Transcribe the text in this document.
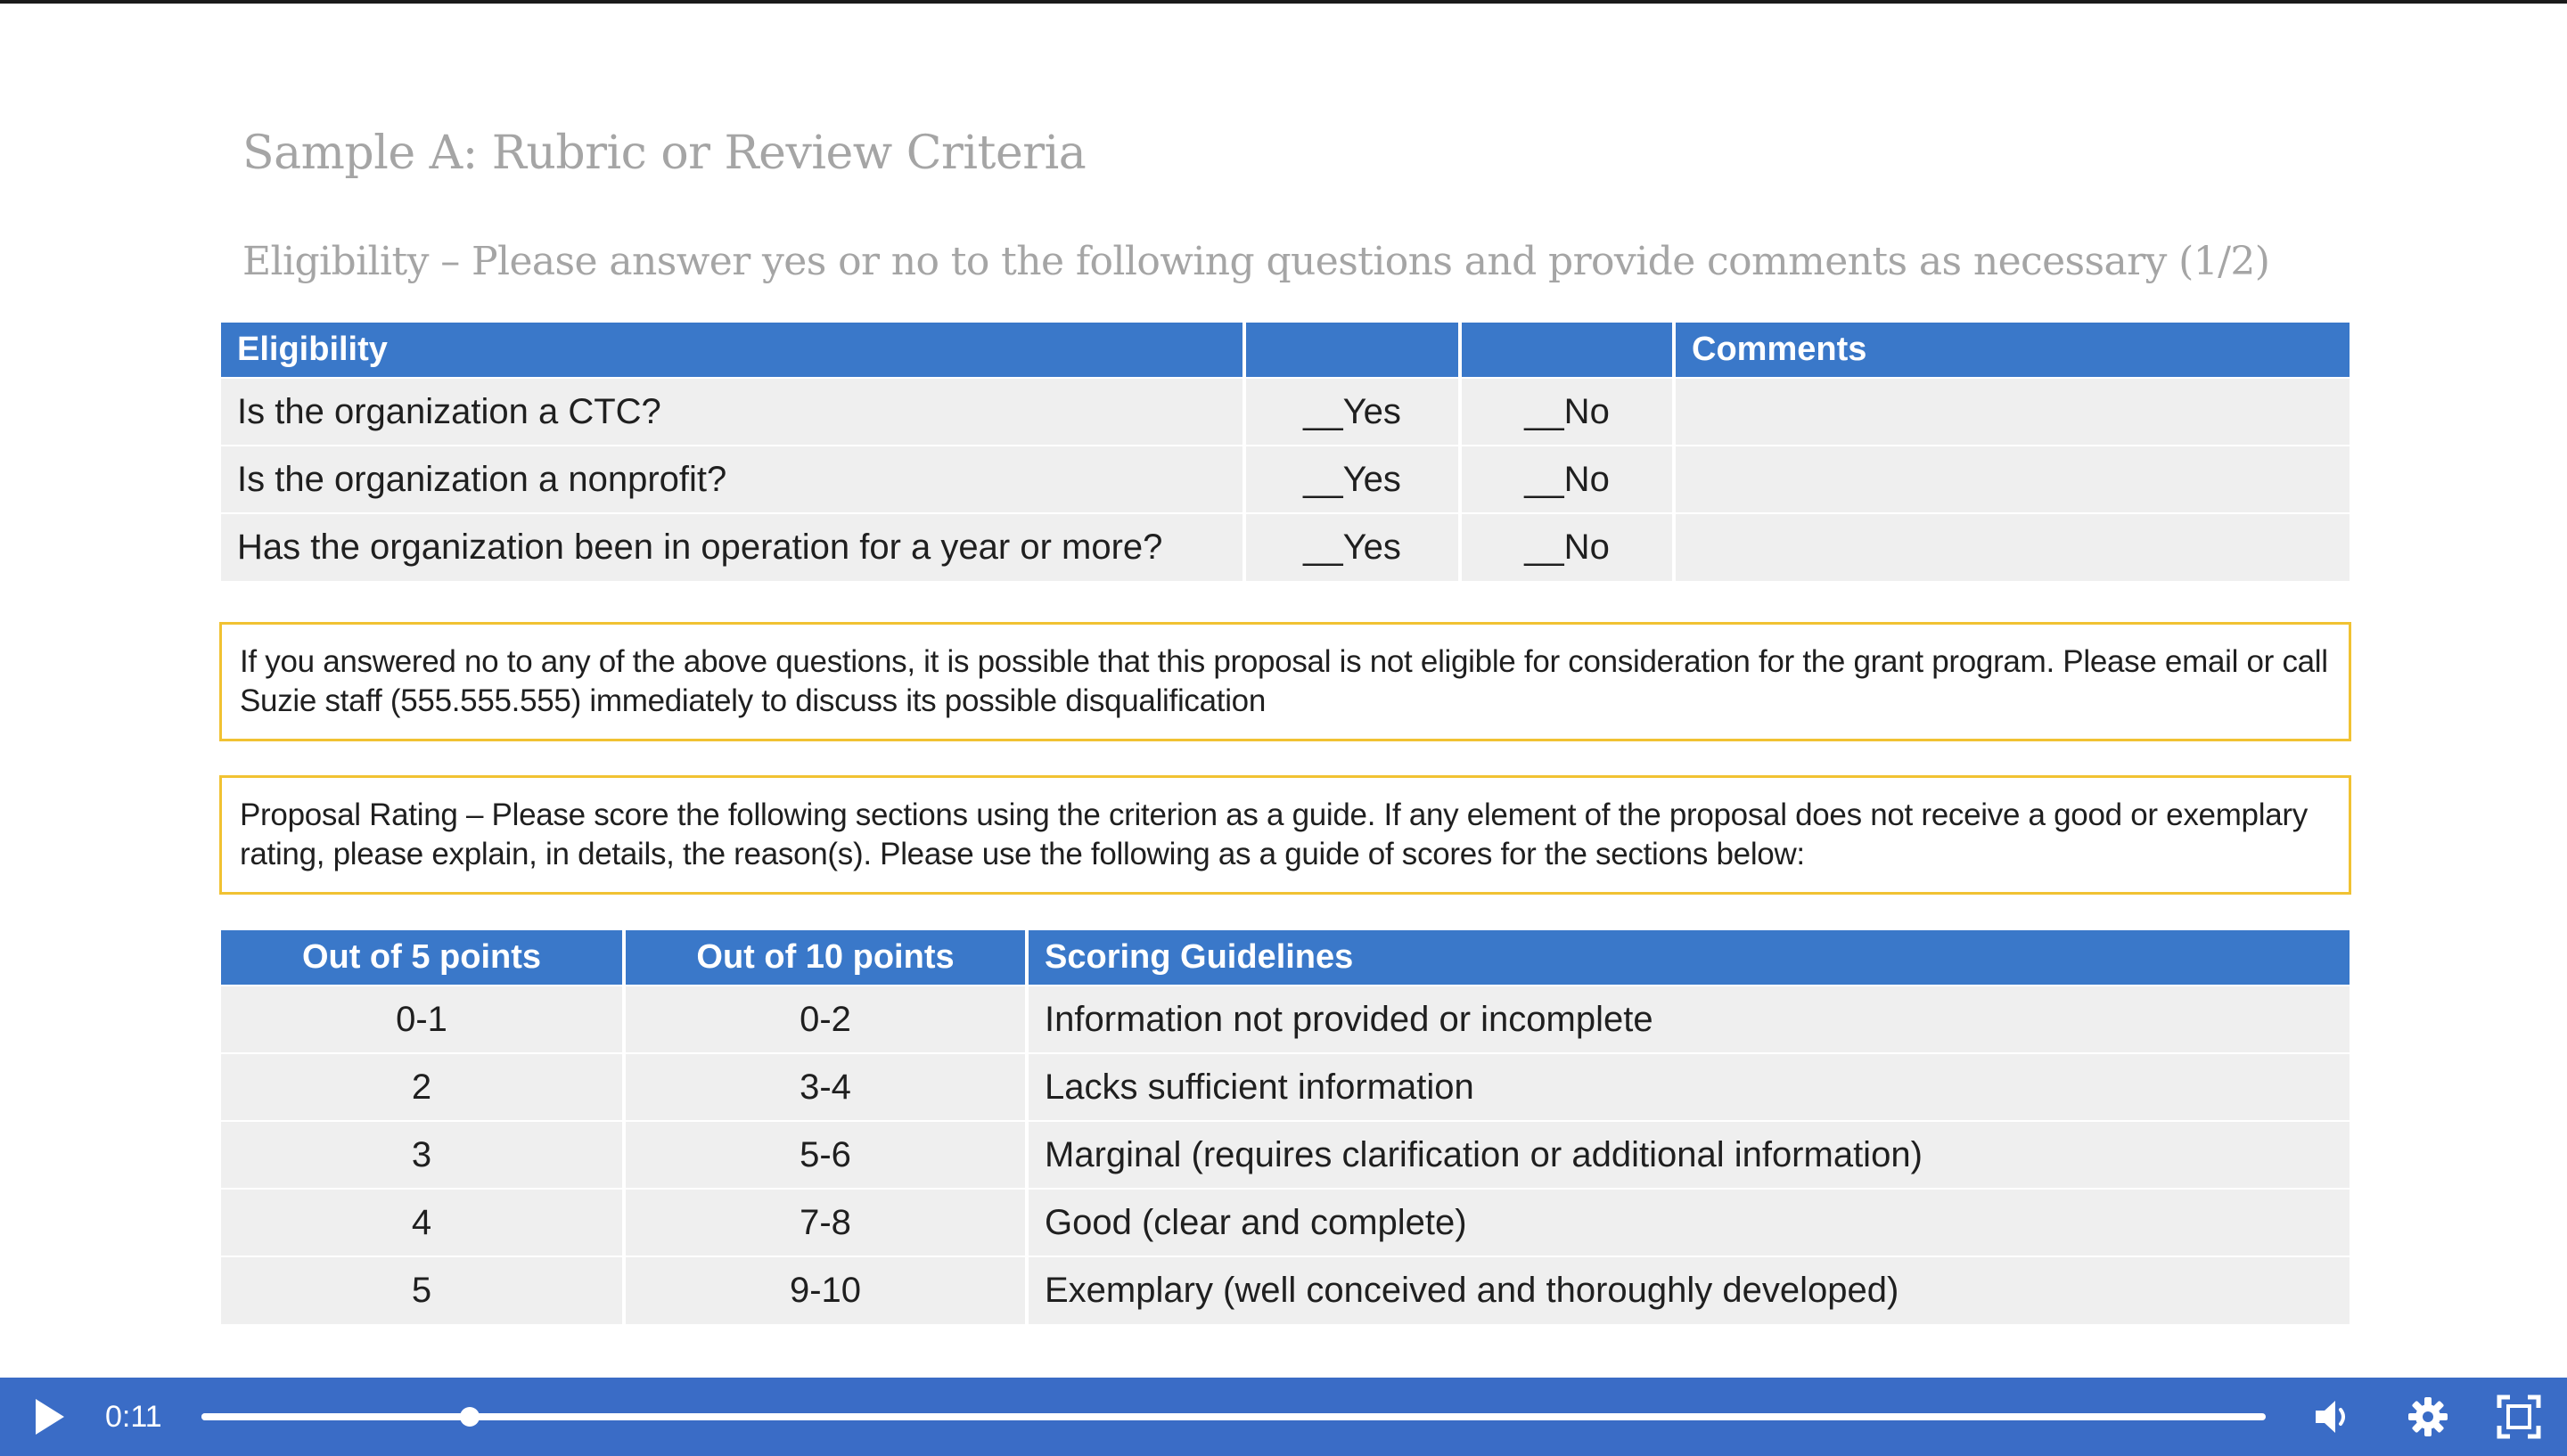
Sample A: Rubric or Review Criteria
Eligibility – Please answer yes or no to the following questions and provide comments as necessary (1/2)
Eligibility			Comments
Is the organization a CTC?	__Yes	__No	
Is the organization a nonprofit?	__Yes	__No	
Has the organization been in operation for a year or more?	__Yes	__No	
If you answered no to any of the above questions, it is possible that this proposal is not eligible for consideration for the grant program. Please email or call Suzie staff (555.555.555) immediately to discuss its possible disqualification
Proposal Rating – Please score the following sections using the criterion as a guide. If any element of the proposal does not receive a good or exemplary rating, please explain, in details, the reason(s). Please use the following as a guide of scores for the sections below:
Out of 5 points	Out of 10 points	Scoring Guidelines
0-1	0-2	Information not provided or incomplete
2	3-4	Lacks sufficient information
3	5-6	Marginal (requires clarification or additional information)
4	7-8	Good (clear and complete)
5	9-10	Exemplary (well conceived and thoroughly developed)
0:11
